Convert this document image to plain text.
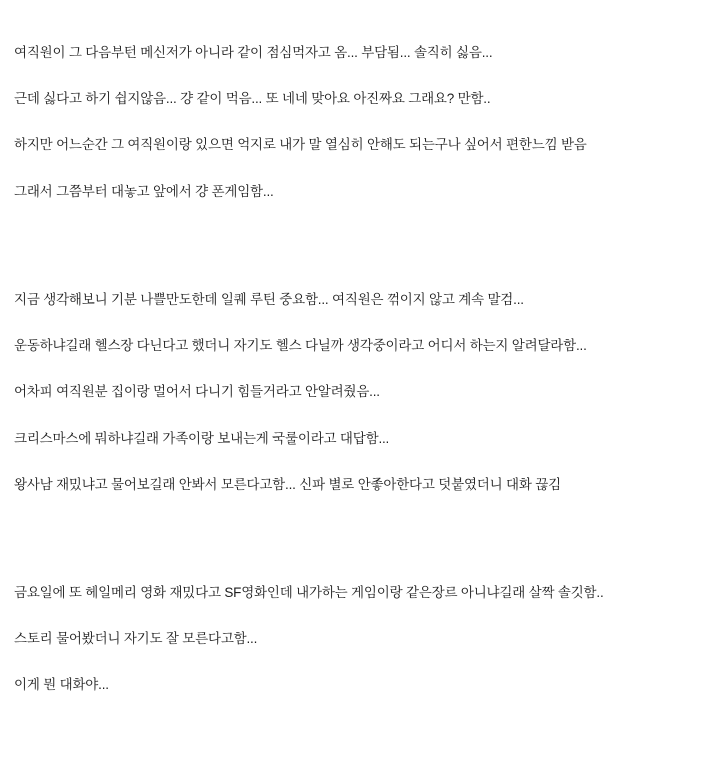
여직원이 그 다음부턴 메신저가 아니라 같이 점심먹자고 옴... 부담됨... 솔직히 싫음...
근데 싫다고 하기 쉽지않음... 걍 같이 먹음... 또 네네 맞아요 아진짜요 그래요? 만함..
하지만 어느순간 그 여직원이랑 있으면 억지로 내가 말 열심히 안해도 되는구나 싶어서 편한느낌 받음
그래서 그쯤부터 대놓고 앞에서 걍 폰게임함...
지금 생각해보니 기분 나쁠만도한데 일퀘 루틴 중요함... 여직원은 꺾이지 않고 계속 말검...
운동하냐길래 헬스장 다닌다고 했더니 자기도 헬스 다닐까 생각중이라고 어디서 하는지 알려달라함...
어차피 여직원분 집이랑 멀어서 다니기 힘들거라고 안알려줬음...
크리스마스에 뭐하냐길래 가족이랑 보내는게 국룰이라고 대답함...
왕사남 재밌냐고 물어보길래 안봐서 모른다고함... 신파 별로 안좋아한다고 덧붙였더니 대화 끊김
금요일에 또 헤일메리 영화 재밌다고 SF영화인데 내가하는 게임이랑 같은장르 아니냐길래 살짝 솔깃함..
스토리 물어봤더니 자기도 잘 모른다고함...
이게 뭔 대화야...
